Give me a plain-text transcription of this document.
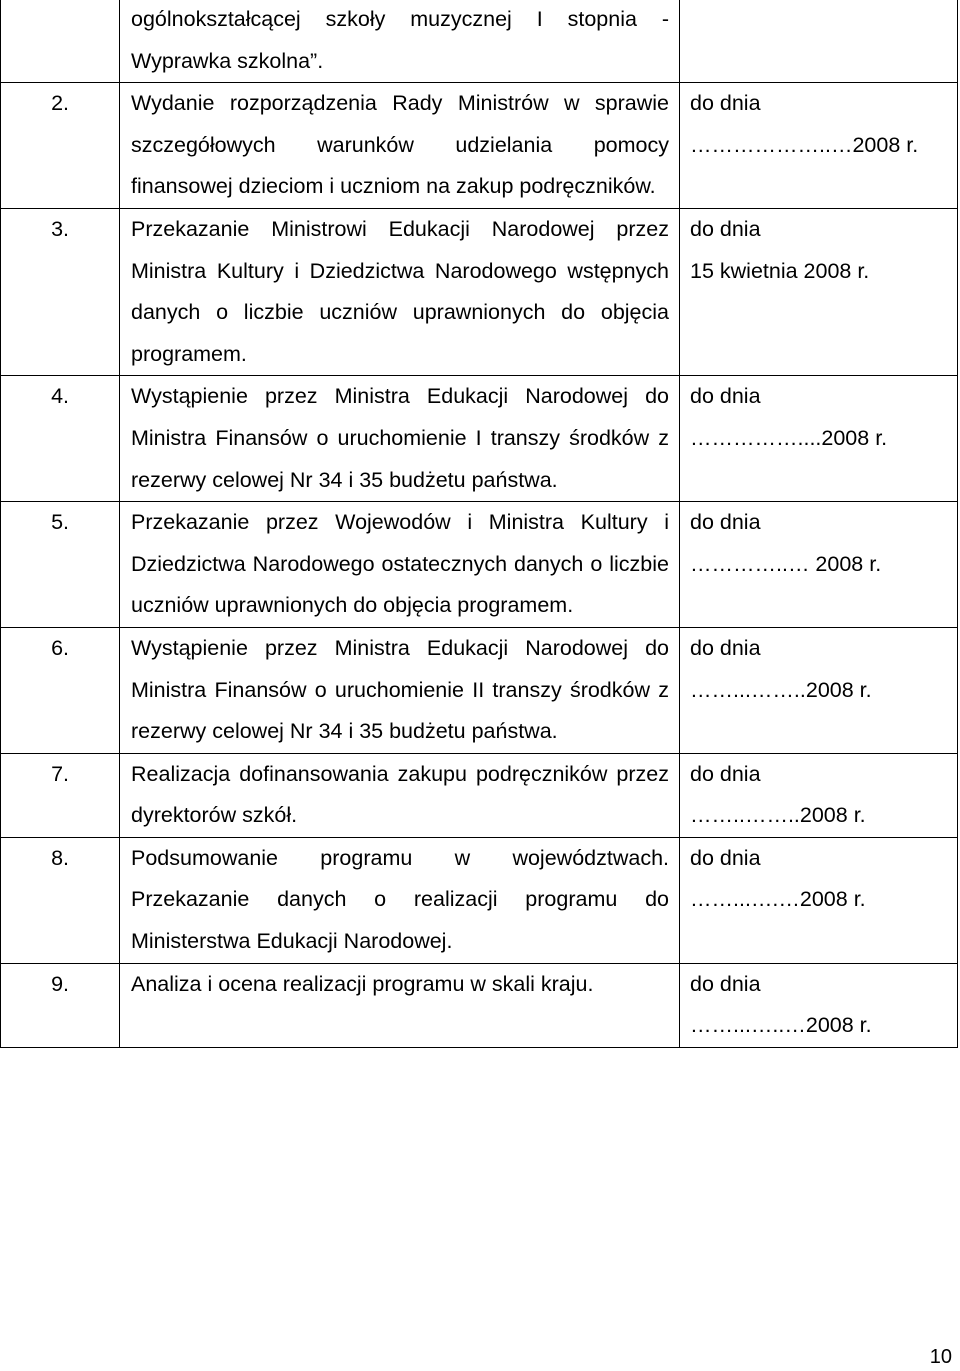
	ogólnokształcącej szkoły muzycznej I stopnia - Wyprawka szkolna”.	

2.	Wydanie rozporządzenia Rady Ministrów w sprawie szczegółowych warunków udzielania pomocy finansowej dzieciom i uczniom na zakup podręczników.	do dnia
………………..…2008 r.

3.	Przekazanie Ministrowi Edukacji Narodowej przez Ministra Kultury i Dziedzictwa Narodowego wstępnych danych o liczbie uczniów uprawnionych do objęcia programem.	do dnia
15 kwietnia 2008 r.

4.	Wystąpienie przez Ministra Edukacji Narodowej do Ministra Finansów o uruchomienie I transzy środków z rezerwy celowej Nr 34 i 35 budżetu państwa.	do dnia
……………....2008 r.

5.	Przekazanie przez Wojewodów i Ministra Kultury i Dziedzictwa Narodowego ostatecznych danych o liczbie uczniów uprawnionych do objęcia programem.	do dnia
…………..… 2008 r.

6.	Wystąpienie przez Ministra Edukacji Narodowej do Ministra Finansów o uruchomienie II transzy środków z rezerwy celowej Nr 34 i 35 budżetu państwa.	do dnia
……...……..2008 r.

7.	Realizacja dofinansowania zakupu podręczników przez dyrektorów szkół.	do dnia
……..……..2008 r.

8.	Podsumowanie programu w województwach. Przekazanie danych o realizacji programu do Ministerstwa Edukacji Narodowej.	do dnia
……...….…2008 r.

9.	Analiza i ocena realizacji programu w skali kraju.	do dnia
……...…..…2008 r.
10
